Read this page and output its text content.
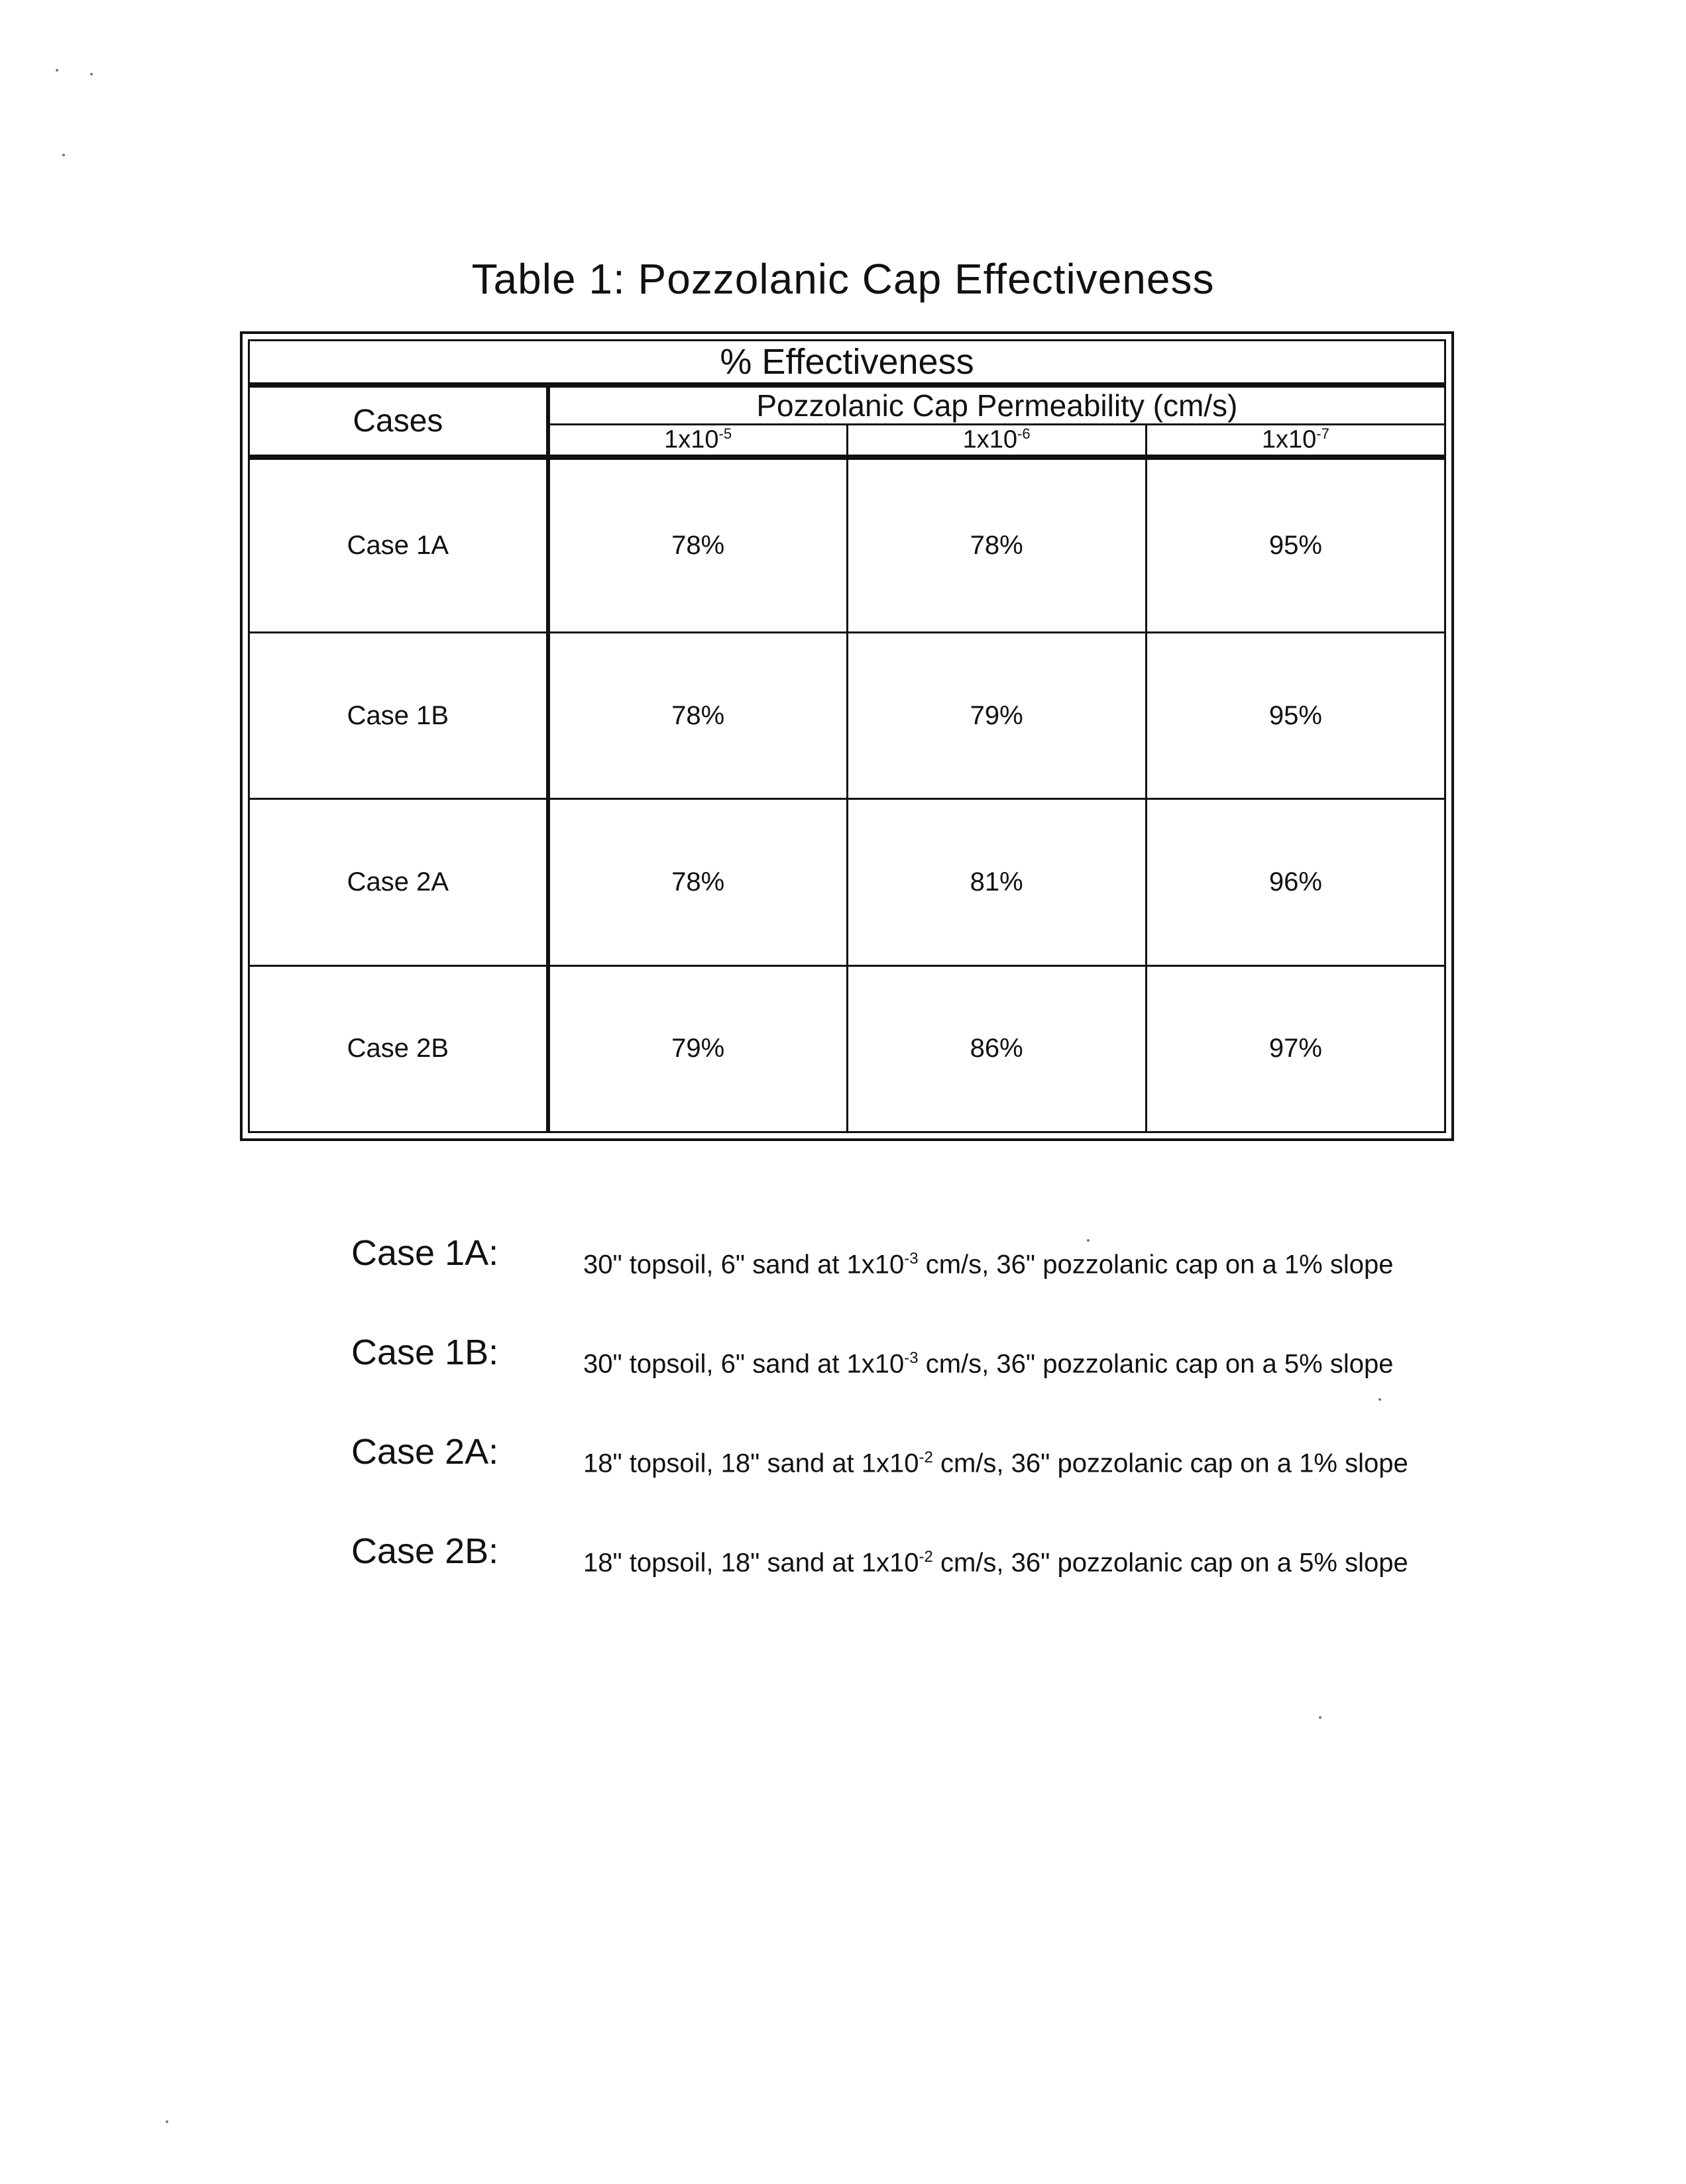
Table 1: Pozzolanic Cap Effectiveness
% Effectiveness			
Cases	Pozzolanic Cap Permeability (cm/s)		
	$1x10^{-5}$	$1x10^{-6}$	$1x10^{-7}$
Case 1A	78%	78%	95%
Case 1B	78%	79%	95%
Case 2A	78%	81%	96%
Case 2B	79%	86%	97%
Case 1A:	30" topsoil, 6" sand at $1x10^{-3}$ cm/s, 36" pozzolanic cap on a 1% slope
Case 1B:	30" topsoil, 6" sand at $1x10^{-3}$ cm/s, 36" pozzolanic cap on a 5% slope
Case 2A:	18" topsoil, 18" sand at $1x10^{-2}$ cm/s, 36" pozzolanic cap on a 1% slope
Case 2B:	18" topsoil, 18" sand at $1x10^{-2}$ cm/s, 36" pozzolanic cap on a 5% slope
